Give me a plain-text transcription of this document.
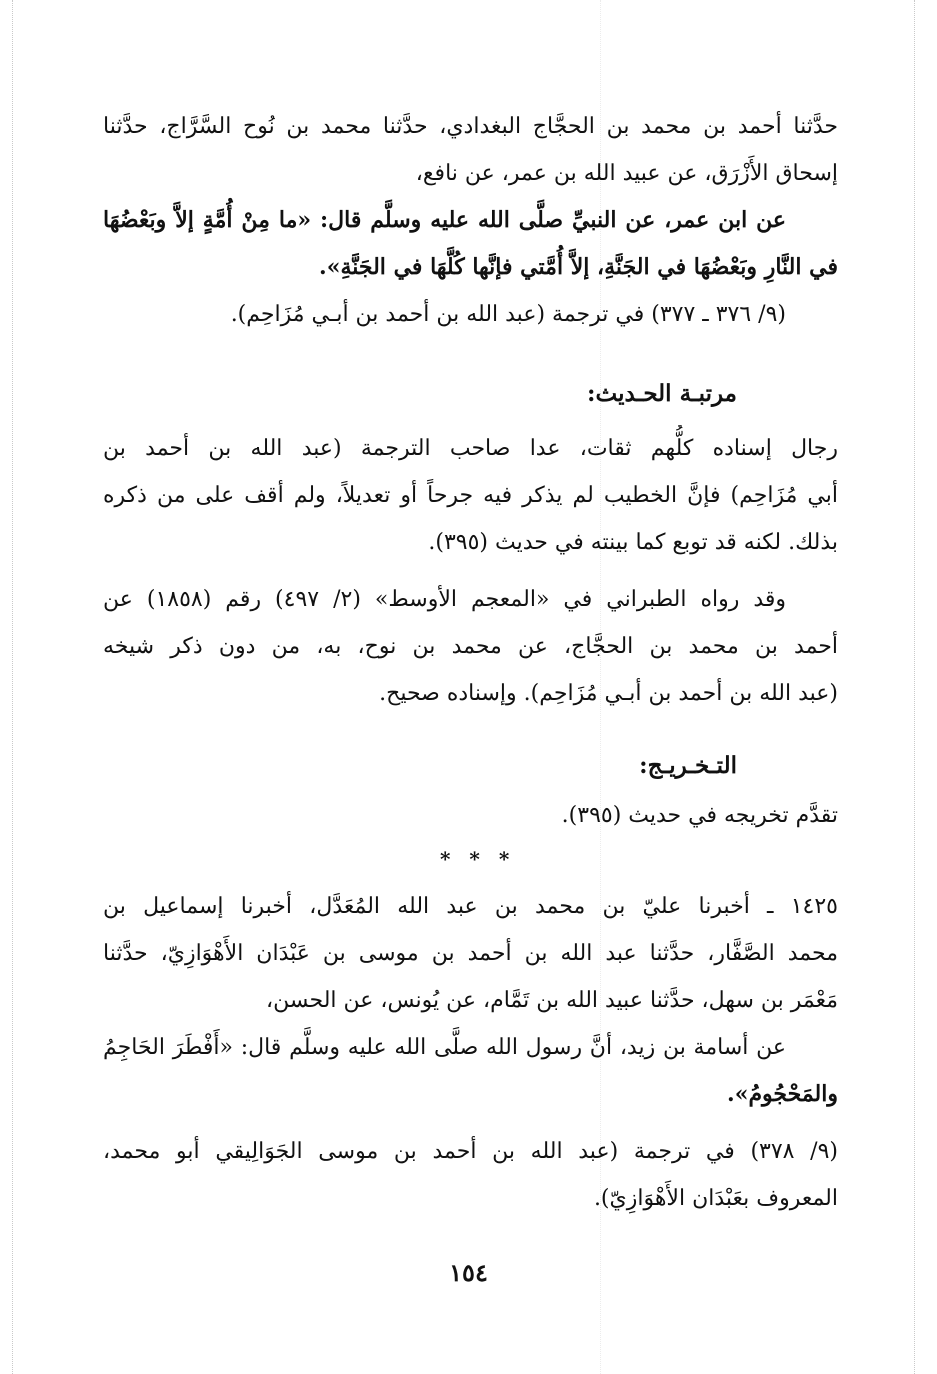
حدَّثنا أحمد بن محمد بن الحجَّاج البغدادي، حدَّثنا محمد بن نُوح السَّرَّاج، حدَّثنا
إسحاق الأَزْرَق، عن عبيد الله بن عمر، عن نافع،
عن ابن عمر، عن النبيِّ صلَّى الله عليه وسلَّم قال: «ما مِنْ أُمَّةٍ إلاَّ وبَعْضُهَا
في النَّارِ وبَعْضُهَا في الجَنَّةِ، إلاَّ أُمَّتي فإنَّها كُلَّهَا في الجَنَّةِ».
(٩/ ٣٧٦ ـ ٣٧٧) في ترجمة (عبد الله بن أحمد بن أبـي مُزَاحِم).
مرتبـة الحـديث:
رجال إسناده كلُّهم ثقات، عدا صاحب الترجمة (عبد الله بن أحمد بن
أبي مُزَاحِم) فإنَّ الخطيب لم يذكر فيه جرحاً أو تعديلاً، ولم أقف على من ذكره
بذلك. لكنه قد توبع كما بينته في حديث (٣٩٥).
وقد رواه الطبراني في «المعجم الأوسط» (٢/ ٤٩٧) رقم (١٨٥٨) عن
أحمد بن محمد بن الحجَّاج، عن محمد بن نوح، به، من دون ذكر شيخه
(عبد الله بن أحمد بن أبـي مُزَاحِم). وإسناده صحيح.
التـخـريـج:
تقدَّم تخريجه في حديث (٣٩٥).
* * *
١٤٢٥ ـ أخبرنا عليّ بن محمد بن عبد الله المُعَدَّل، أخبرنا إسماعيل بن
محمد الصَّفَّار، حدَّثنا عبد الله بن أحمد بن موسى بن عَبْدَان الأَهْوَازِيّ، حدَّثنا
مَعْمَر بن سهل، حدَّثنا عبيد الله بن تَمَّام، عن يُونس، عن الحسن،
عن أسامة بن زيد، أنَّ رسول الله صلَّى الله عليه وسلَّم قال: «أَفْطَرَ الحَاجِمُ
والمَحْجُومُ».
(٩/ ٣٧٨) في ترجمة (عبد الله بن أحمد بن موسى الجَوَالِيقي أبو محمد،
المعروف بعَبْدَان الأَهْوَازِيّ).
١٥٤
